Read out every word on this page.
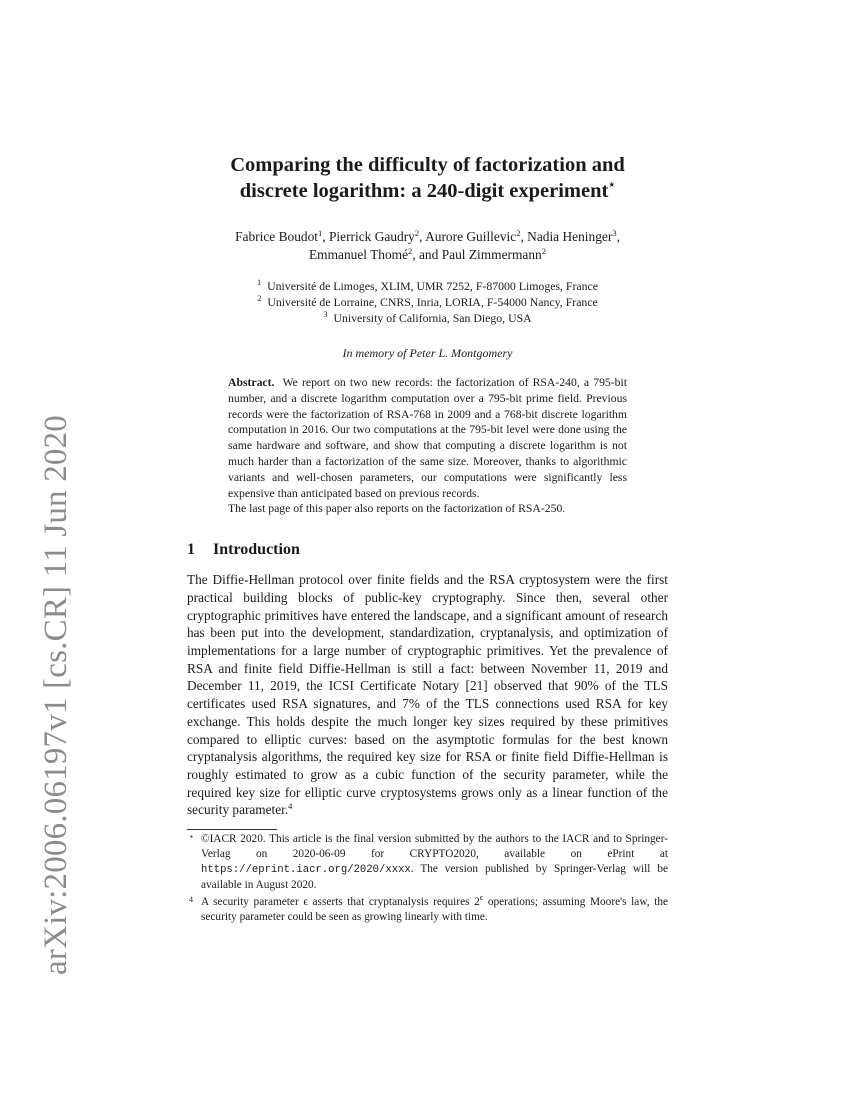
arXiv:2006.06197v1 [cs.CR] 11 Jun 2020
Comparing the difficulty of factorization and
discrete logarithm: a 240-digit experiment⋆
Fabrice Boudot$^1$, Pierrick Gaudry$^2$, Aurore Guillevic$^2$, Nadia Heninger$^3$,
Emmanuel Thomé$^2$, and Paul Zimmermann$^2$
$^1$ Université de Limoges, XLIM, UMR 7252, F-87000 Limoges, France
$^2$ Université de Lorraine, CNRS, Inria, LORIA, F-54000 Nancy, France
$^3$ University of California, San Diego, USA
In memory of Peter L. Montgomery
Abstract. We report on two new records: the factorization of RSA-240, a 795-bit number, and a discrete logarithm computation over a 795-bit prime field. Previous records were the factorization of RSA-768 in 2009 and a 768-bit discrete logarithm computation in 2016. Our two computations at the 795-bit level were done using the same hardware and software, and show that computing a discrete logarithm is not much harder than a factorization of the same size. Moreover, thanks to algorithmic variants and well-chosen parameters, our computations were significantly less expensive than anticipated based on previous records.
The last page of this paper also reports on the factorization of RSA-250.
1 Introduction
The Diffie-Hellman protocol over finite fields and the RSA cryptosystem were the first practical building blocks of public-key cryptography. Since then, several other cryptographic primitives have entered the landscape, and a significant amount of research has been put into the development, standardization, cryptanalysis, and optimization of implementations for a large number of cryptographic primitives. Yet the prevalence of RSA and finite field Diffie-Hellman is still a fact: between November 11, 2019 and December 11, 2019, the ICSI Certificate Notary [21] observed that 90% of the TLS certificates used RSA signatures, and 7% of the TLS connections used RSA for key exchange. This holds despite the much longer key sizes required by these primitives compared to elliptic curves: based on the asymptotic formulas for the best known cryptanalysis algorithms, the required key size for RSA or finite field Diffie-Hellman is roughly estimated to grow as a cubic function of the security parameter, while the required key size for elliptic curve cryptosystems grows only as a linear function of the security parameter.$^4$
⋆ ©IACR 2020. This article is the final version submitted by the authors to the IACR and to Springer-Verlag on 2020-06-09 for CRYPTO2020, available on ePrint at https://eprint.iacr.org/2020/xxxx. The version published by Springer-Verlag will be available in August 2020.
4 A security parameter ϵ asserts that cryptanalysis requires $2^\epsilon$ operations; assuming Moore's law, the security parameter could be seen as growing linearly with time.
